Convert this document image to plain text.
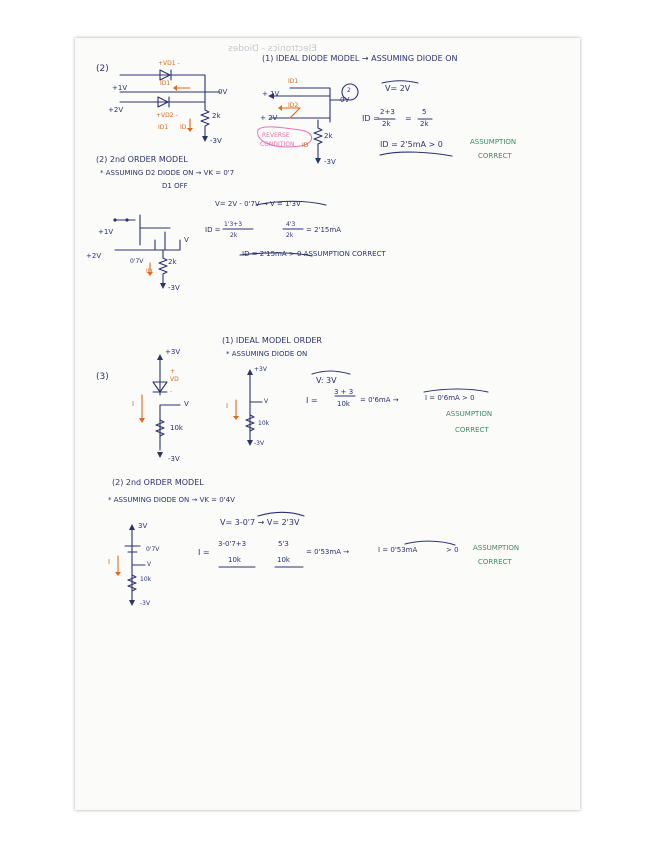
Electronics - Diodes
(2)
+VD1 -
+VD2 -
ID1
ID1 ID
+1V
+2V
0V
2k
-3V
(1) IDEAL DIODE MODEL → ASSUMING DIODE ON
ID1
ID2
+ 1V
+ 2V
0V
2k
-3V
ID
2
REVERSE
CONDITION
V= 2V
ID =
2+3
2k
=
5
2k
ID = 2'5mA > 0	ASSUMPTION
CORRECT
(2) 2nd ORDER MODEL
* ASSUMING D2 DIODE ON → VK = 0'7
D1 OFF
V= 2V - 0'7V → V = 1'3V
ID =
1'3+3
2k
4'3
2k
= 2'15mA
ID = 2'15mA > 0 ASSUMPTION CORRECT
+1V
+2V
0'7V
ID
2k
-3V
V
(3)
+3V
VD
+
-
I	V
10k
-3V
(1) IDEAL MODEL ORDER
* ASSUMING DIODE ON
+3V
I
V
10k
-3V
V: 3V
I =
3 + 3
10k = 0'6mA →	I = 0'6mA > 0
ASSUMPTION
CORRECT
(2) 2nd ORDER MODEL
* ASSUMING DIODE ON → VK = 0'4V
V= 3-0'7 → V= 2'3V
I =
3-0'7+3
10k
5'3
10k
= 0'53mA →	I = 0'53mA	> 0 ASSUMPTION
CORRECT
3V
0'7V
I	V
10k
-3V
